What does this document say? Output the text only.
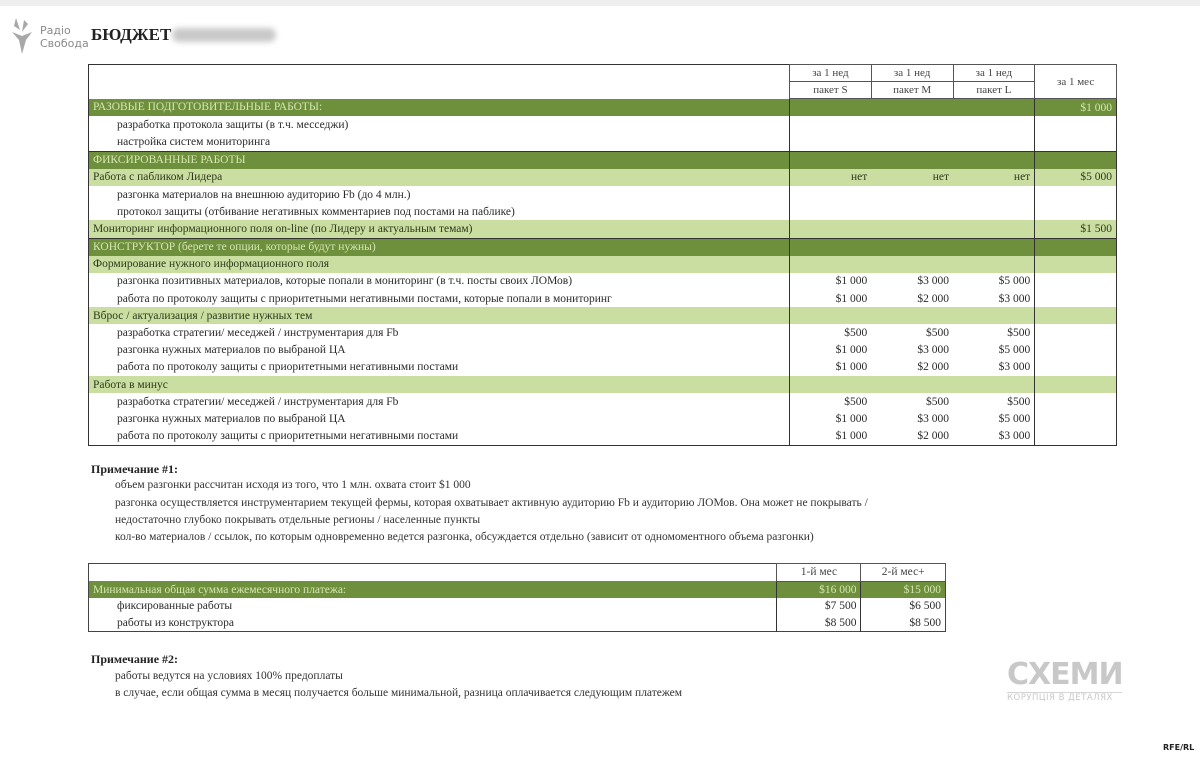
Радіо
Свобода БЮДЖЕТ
	за 1 нед	за 1 нед	за 1 нед	за 1 мес
	пакет S	пакет M	пакет L	
РАЗОВЫЕ ПОДГОТОВИТЕЛЬНЫЕ РАБОТЫ:				$1 000
разработка протокола защиты (в т.ч. месседжи)				
настройка систем мониторинга				
ФИКСИРОВАННЫЕ РАБОТЫ				
Работа с пабликом Лидера	нет	нет	нет	$5 000
разгонка материалов на внешнюю аудиторию Fb (до 4 млн.)				
протокол защиты (отбивание негативных комментариев под постами на паблике)				
Мониторинг информационного поля on-line (по Лидеру и актуальным темам)				$1 500
КОНСТРУКТОР (берете те опции, которые будут нужны)				
Формирование нужного информационного поля				
разгонка позитивных материалов, которые попали в мониторинг (в т.ч. посты своих ЛОМов)	$1 000	$3 000	$5 000	
работа по протоколу защиты с приоритетными негативными постами, которые попали в мониторинг	$1 000	$2 000	$3 000	
Вброс / актуализация / развитие нужных тем				
разработка стратегии/ меседжей / инструментария для Fb	$500	$500	$500	
разгонка нужных материалов по выбраной ЦА	$1 000	$3 000	$5 000	
работа по протоколу защиты с приоритетными негативными постами	$1 000	$2 000	$3 000	
Работа в минус				
разработка стратегии/ меседжей / инструментария для Fb	$500	$500	$500	
разгонка нужных материалов по выбраной ЦА	$1 000	$3 000	$5 000	
работа по протоколу защиты с приоритетными негативными постами	$1 000	$2 000	$3 000	
Примечание #1:
объем разгонки рассчитан исходя из того, что 1 млн. охвата стоит $1 000
разгонка осуществляется инструментарием текущей фермы, которая охватывает активную аудиторию Fb и аудиторию ЛОМов. Она может не покрывать /
недостаточно глубоко покрывать отдельные регионы / населенные пункты
кол-во материалов / ссылок, по которым одновременно ведется разгонка, обсуждается отдельно (зависит от одномоментного объема разгонки)
	1-й мес	2-й мес+
Минимальная общая сумма ежемесячного платежа:	$16 000	$15 000
фиксированные работы	$7 500	$6 500
работы из конструктора	$8 500	$8 500
Примечание #2:
работы ведутся на условиях 100% предоплаты
в случае, если общая сумма в месяц получается больше минимальной, разница оплачивается следующим платежем
СХЕМИ
КОРУПЦІЯ В ДЕТАЛЯХ
RFE/RL
